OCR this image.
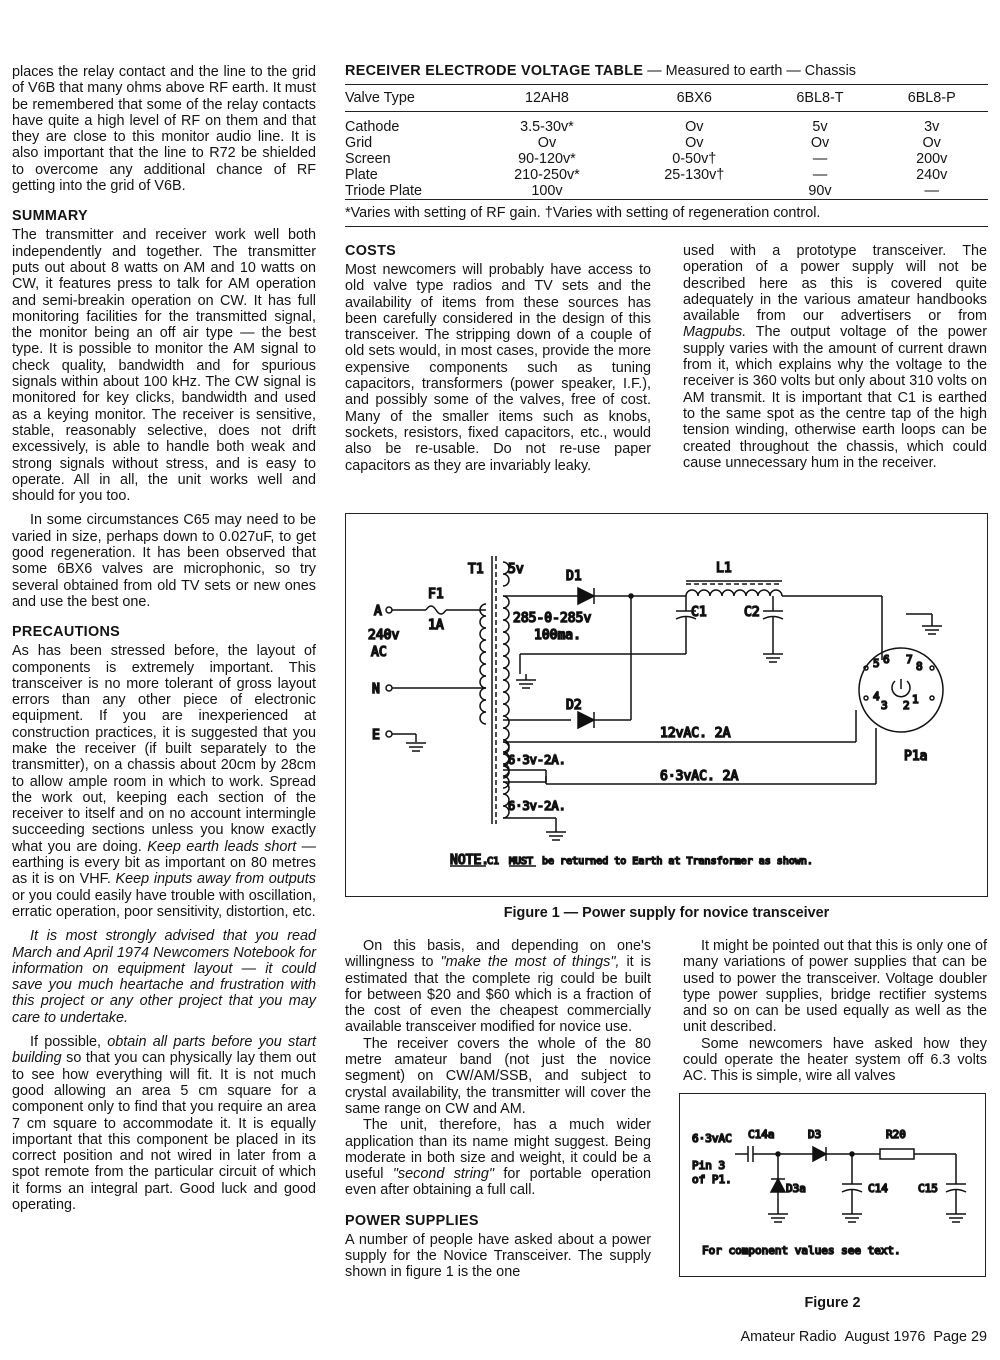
places the relay contact and the line to the grid of V6B that many ohms above RF earth. It must be remembered that some of the relay contacts have quite a high level of RF on them and that they are close to this monitor audio line. It is also important that the line to R72 be shielded to overcome any additional chance of RF getting into the grid of V6B.

SUMMARY

The transmitter and receiver work well both independently and together. The transmitter puts out about 8 watts on AM and 10 watts on CW, it features press to talk for AM operation and semi-breakin operation on CW. It has full monitoring facilities for the transmitted signal, the monitor being an off air type — the best type. It is possible to monitor the AM signal to check quality, bandwidth and for spurious signals within about 100 kHz. The CW signal is monitored for key clicks, bandwidth and used as a keying monitor. The receiver is sensitive, stable, reasonably selective, does not drift excessively, is able to handle both weak and strong signals without stress, and is easy to operate. All in all, the unit works well and should for you too.

In some circumstances C65 may need to be varied in size, perhaps down to 0.027uF, to get good regeneration. It has been observed that some 6BX6 valves are microphonic, so try several obtained from old TV sets or new ones and use the best one.

PRECAUTIONS

As has been stressed before, the layout of components is extremely important. This transceiver is no more tolerant of gross layout errors than any other piece of electronic equipment. If you are inexperienced at construction practices, it is suggested that you make the receiver (if built separately to the transmitter), on a chassis about 20cm by 28cm to allow ample room in which to work. Spread the work out, keeping each section of the receiver to itself and on no account intermingle succeeding sections unless you know exactly what you are doing. Keep earth leads short — earthing is every bit as important on 80 metres as it is on VHF. Keep inputs away from outputs or you could easily have trouble with oscillation, erratic operation, poor sensitivity, distortion, etc.

It is most strongly advised that you read March and April 1974 Newcomers Notebook for information on equipment layout — it could save you much heartache and frustration with this project or any other project that you may care to undertake.

If possible, obtain all parts before you start building so that you can physically lay them out to see how everything will fit. It is not much good allowing an area 5 cm square for a component only to find that you require an area 7 cm square to accommodate it. It is equally important that this component be placed in its correct position and not wired in later from a spot remote from the particular circuit of which it forms an integral part. Good luck and good operating.

RECEIVER ELECTRODE VOLTAGE TABLE — Measured to earth — Chassis
Valve Type	12AH8	6BX6	6BL8-T	6BL8-P
Cathode	3.5-30v*	Ov	5v	3v
Grid	Ov	Ov	Ov	Ov
Screen	90-120v*	0-50v†	—	200v
Plate	210-250v*	25-130v†	—	240v
Triode Plate	100v		90v	—
*Varies with setting of RF gain. †Varies with setting of regeneration control.
COSTS

Most newcomers will probably have access to old valve type radios and TV sets and the availability of items from these sources has been carefully considered in the design of this transceiver. The stripping down of a couple of old sets would, in most cases, provide the more expensive components such as tuning capacitors, transformers (power speaker, I.F.), and possibly some of the valves, free of cost. Many of the smaller items such as knobs, sockets, resistors, fixed capacitors, etc., would also be re-usable. Do not re-use paper capacitors as they are invariably leaky.

used with a prototype transceiver. The operation of a power supply will not be described here as this is covered quite adequately in the various amateur handbooks available from our advertisers or from Magpubs. The output voltage of the power supply varies with the amount of current drawn from it, which explains why the voltage to the receiver is 360 volts but only about 310 volts on AM transmit. It is important that C1 is earthed to the same spot as the centre tap of the high tension winding, otherwise earth loops can be created throughout the chassis, which could cause unnecessary hum in the receiver.

T1 5v	D1
D2
L1
F1
1A
A
240v
AC
N
E
285-0-285v
100ma.
C1	C2
6·3v-2A.
6·3v-2A.
12vAC. 2A
6·3vAC. 2A
P1a
5 6 7
8
4
3 2 1
NOTE.
C1 MUST be returned to Earth at Transformer as shown.
Figure 1 — Power supply for novice transceiver

On this basis, and depending on one's willingness to "make the most of things", it is estimated that the complete rig could be built for between $20 and $60 which is a fraction of the cost of even the cheapest commercially available transceiver modified for novice use.

The receiver covers the whole of the 80 metre amateur band (not just the novice segment) on CW/AM/SSB, and subject to crystal availability, the transmitter will cover the same range on CW and AM.

The unit, therefore, has a much wider application than its name might suggest. Being moderate in both size and weight, it could be a useful "second string" for portable operation even after obtaining a full call.

POWER SUPPLIES

A number of people have asked about a power supply for the Novice Transceiver. The supply shown in figure 1 is the one

It might be pointed out that this is only one of many variations of power supplies that can be used to power the transceiver. Voltage doubler type power supplies, bridge rectifier systems and so on can be used equally as well as the unit described.

Some newcomers have asked how they could operate the heater system off 6.3 volts AC. This is simple, wire all valves

6·3vAC
Pin 3
of P1.
C14a	D3	R20
D3a	C14	C15
For component values see text.
Figure 2
Amateur Radio August 1976 Page 29
